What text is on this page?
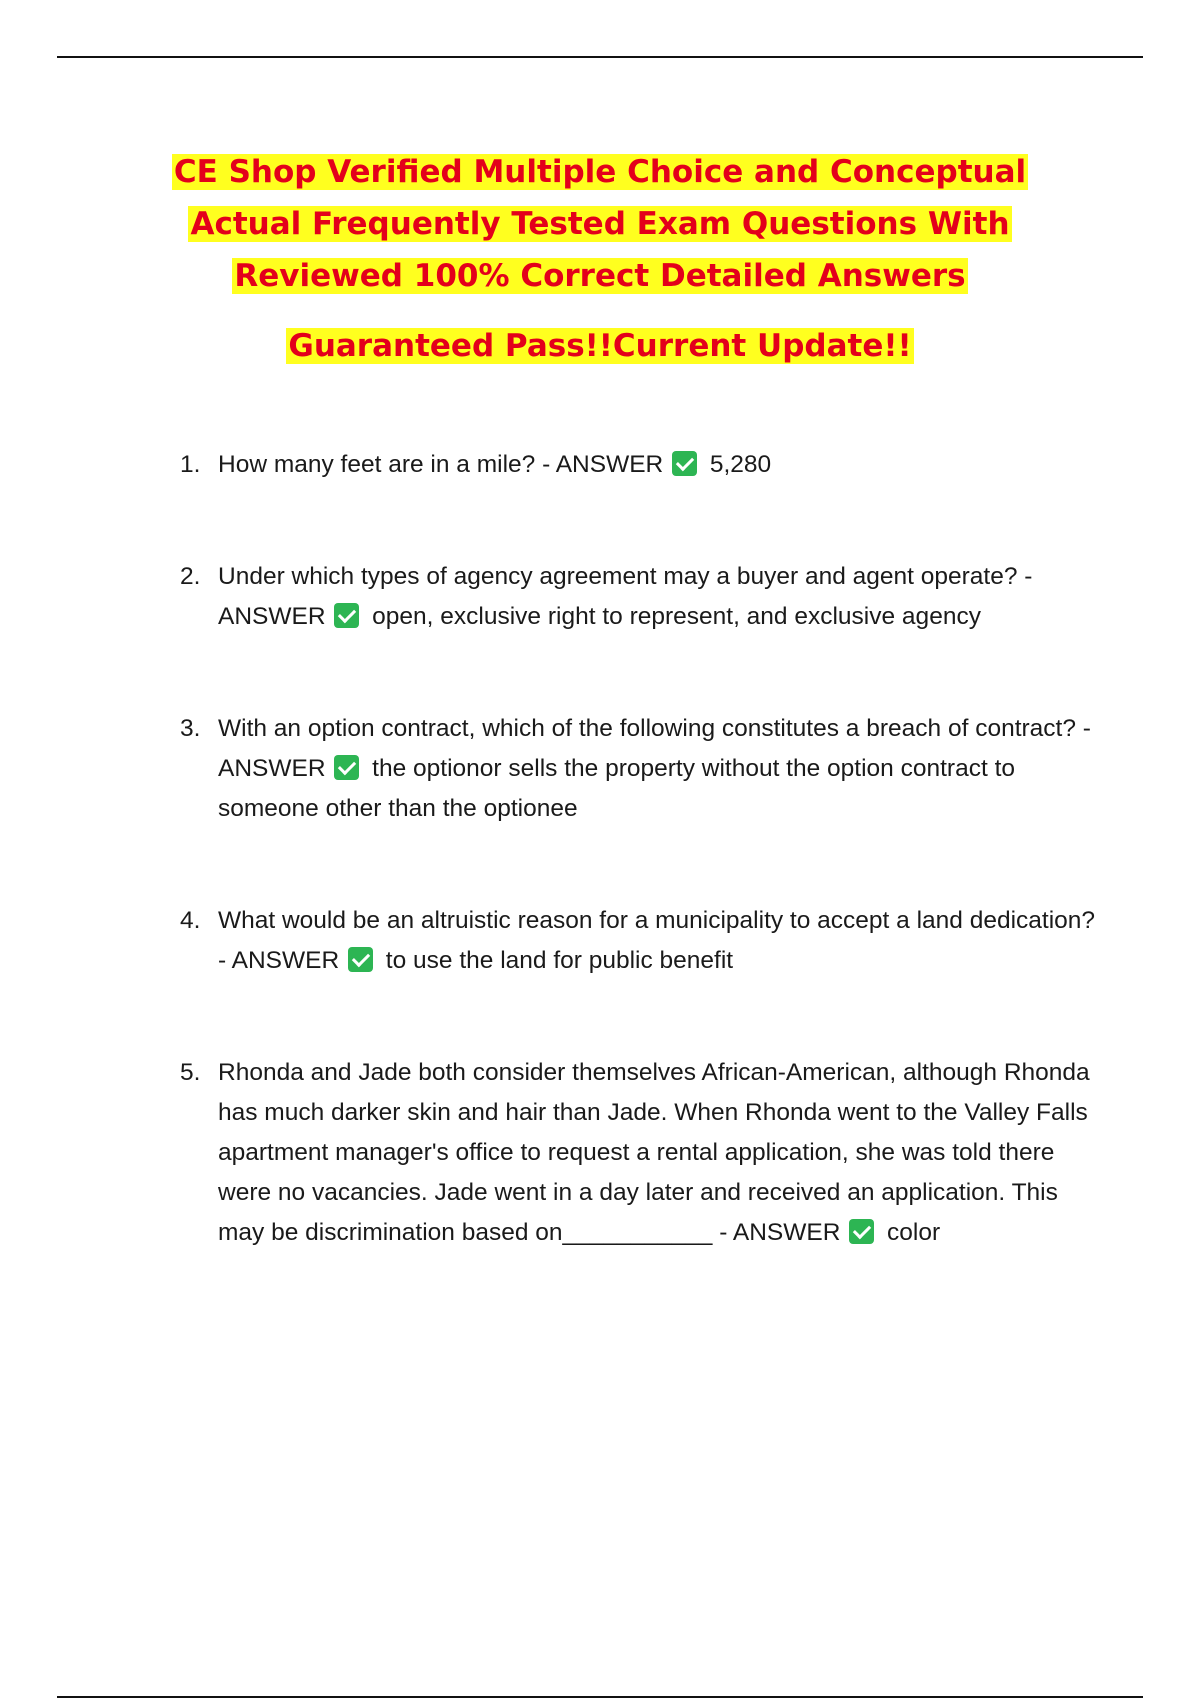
CE Shop Verified Multiple Choice and Conceptual
Actual Frequently Tested Exam Questions With
Reviewed 100% Correct Detailed Answers
Guaranteed Pass!!Current Update!!
1. How many feet are in a mile? - ANSWER 5,280
2. Under which types of agency agreement may a buyer and agent operate? - ANSWER open, exclusive right to represent, and exclusive agency
3. With an option contract, which of the following constitutes a breach of contract? - ANSWER the optionor sells the property without the option contract to someone other than the optionee
4. What would be an altruistic reason for a municipality to accept a land dedication? - ANSWER to use the land for public benefit
5. Rhonda and Jade both consider themselves African-American, although Rhonda has much darker skin and hair than Jade. When Rhonda went to the Valley Falls apartment manager's office to request a rental application, she was told there were no vacancies. Jade went in a day later and received an application. This may be discrimination based on___________ - ANSWER color
